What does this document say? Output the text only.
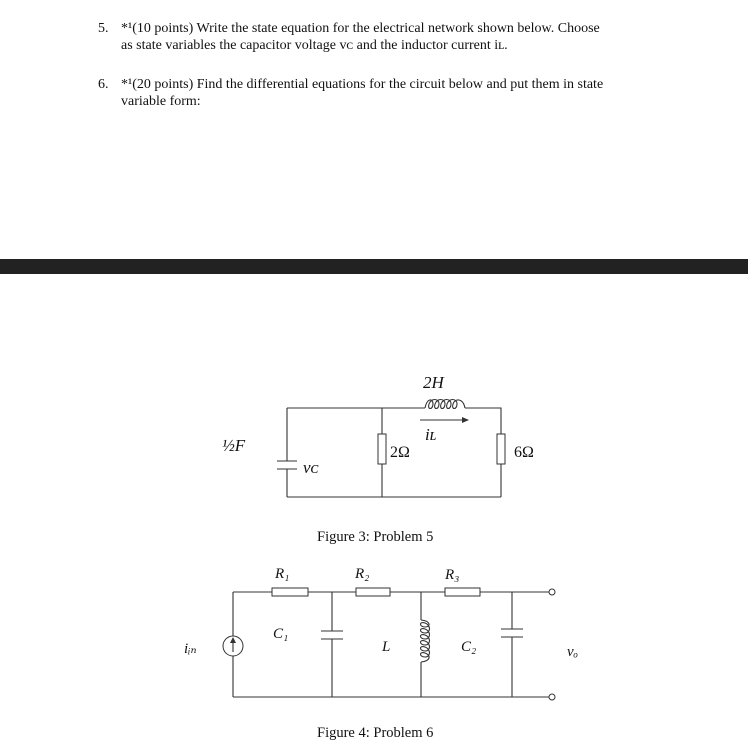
5. *¹(10 points) Write the state equation for the electrical network shown below. Choose
as state variables the capacitor voltage vᴄ and the inductor current iʟ.
6. *¹(20 points) Find the differential equations for the circuit below and put them in state
variable form:
½F
vᴄ
2Ω
2H
iʟ
6Ω
Figure 3: Problem 5
iᵢₙ
R₁	R₂	R₃
C₁
C₂
L	vₒ
Figure 4: Problem 6
